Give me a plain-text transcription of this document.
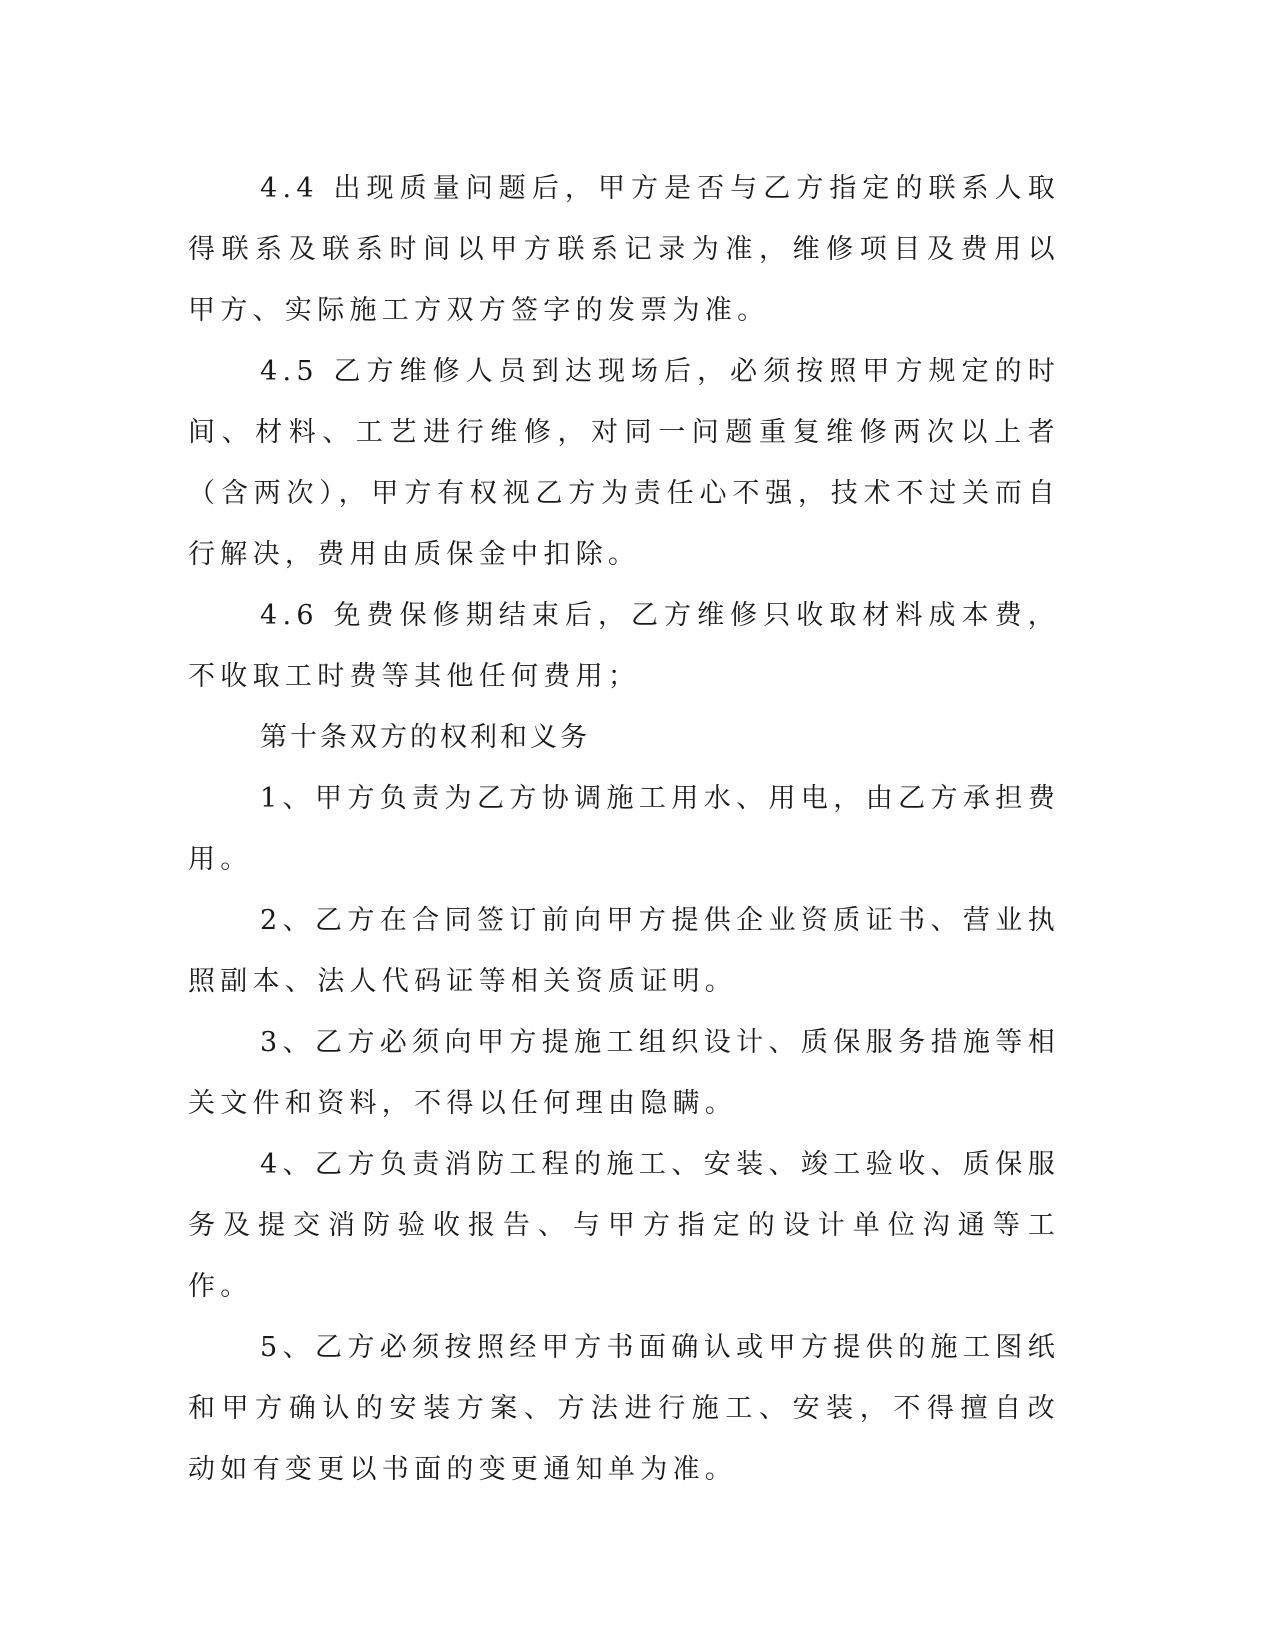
4.4 出现质量问题后，甲方是否与乙方指定的联系人取得联系及联系时间以甲方联系记录为准，维修项目及费用以甲方、实际施工方双方签字的发票为准。

4.5 乙方维修人员到达现场后，必须按照甲方规定的时间、材料、工艺进行维修，对同一问题重复维修两次以上者（含两次），甲方有权视乙方为责任心不强，技术不过关而自行解决，费用由质保金中扣除。

4.6 免费保修期结束后，乙方维修只收取材料成本费，不收取工时费等其他任何费用；

第十条双方的权利和义务

1、甲方负责为乙方协调施工用水、用电，由乙方承担费用。

2、乙方在合同签订前向甲方提供企业资质证书、营业执照副本、法人代码证等相关资质证明。

3、乙方必须向甲方提施工组织设计、质保服务措施等相关文件和资料，不得以任何理由隐瞒。

4、乙方负责消防工程的施工、安装、竣工验收、质保服务及提交消防验收报告、与甲方指定的设计单位沟通等工作。

5、乙方必须按照经甲方书面确认或甲方提供的施工图纸和甲方确认的安装方案、方法进行施工、安装，不得擅自改动如有变更以书面的变更通知单为准。
